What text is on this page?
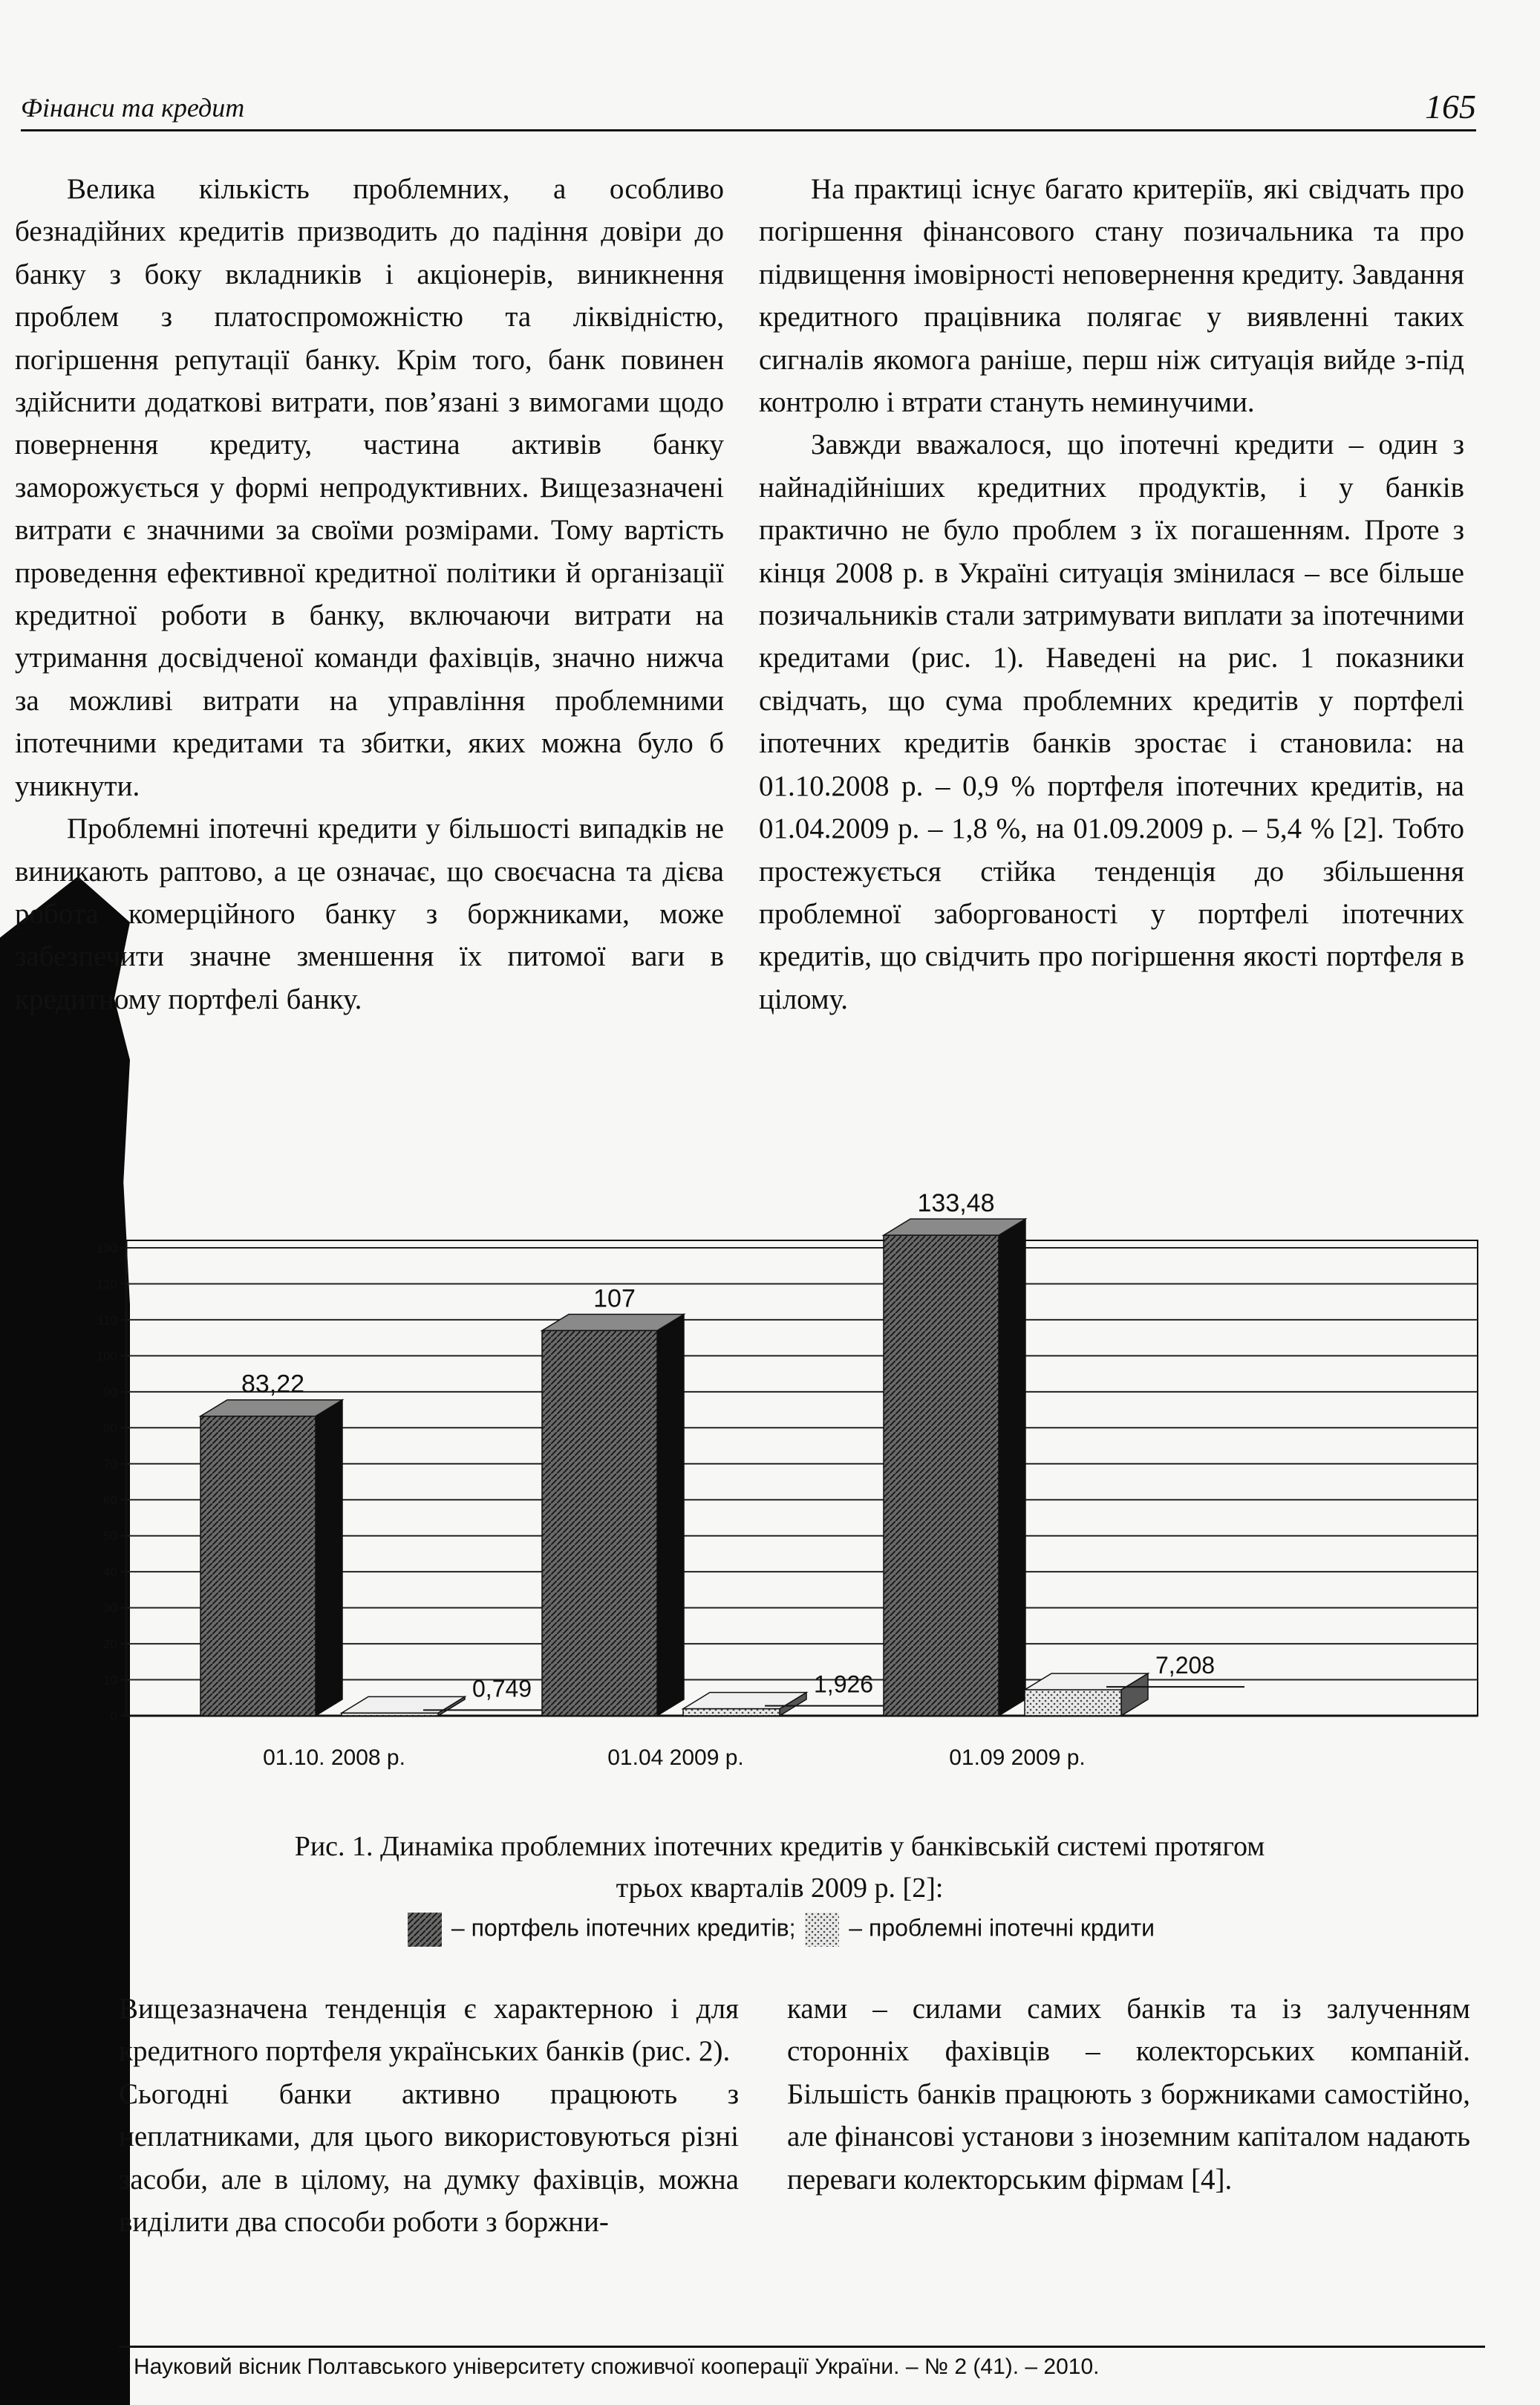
Фінанси та кредит	165

Велика кількість проблемних, а особливо безнадійних кредитів призводить до падіння довіри до банку з боку вкладників і акціонерів, виникнення проблем з платоспроможністю та ліквідністю, погіршення репутації банку. Крім того, банк повинен здійснити додаткові витрати, пов’язані з вимогами щодо повернення кредиту, частина активів банку заморожується у формі непродуктивних. Вищезазначені витрати є значними за своїми розмірами. Тому вартість проведення ефективної кредитної політики й організації кредитної роботи в банку, включаючи витрати на утримання досвідченої команди фахівців, значно нижча за можливі витрати на управління проблемними іпотечними кредитами та збитки, яких можна було б уникнути.

Проблемні іпотечні кредити у більшості випадків не виникають раптово, а це означає, що своєчасна та дієва робота комерційного банку з боржниками, може забезпечити значне зменшення їх питомої ваги в кредитному портфелі банку.

На практиці існує багато критеріїв, які свідчать про погіршення фінансового стану позичальника та про підвищення імовірності неповернення кредиту. Завдання кредитного працівника полягає у виявленні таких сигналів якомога раніше, перш ніж ситуація вийде з-під контролю і втрати стануть неминучими.

Завжди вважалося, що іпотечні кредити – один з найнадійніших кредитних продуктів, і у банків практично не було проблем з їх погашенням. Проте з кінця 2008 р. в Україні ситуація змінилася – все більше позичальників стали затримувати виплати за іпотечними кредитами (рис. 1). Наведені на рис. 1 показники свідчать, що сума проблемних кредитів у портфелі іпотечних кредитів банків зростає і становила: на 01.10.2008 р. – 0,9 % портфеля іпотечних кредитів, на 01.04.2009 р. – 1,8 %, на 01.09.2009 р. – 5,4 % [2]. Тобто простежується стійка тенденція до збільшення проблемної заборгованості у портфелі іпотечних кредитів, що свідчить про погіршення якості портфеля в цілому.

0
10
20
30
40
50
60
70
80
90
100
110
120
130
83,22
0,749
01.10. 2008 р.
107
1,926
01.04 2009 р.
133,48
7,208
01.09 2009 р.
Рис. 1. Динаміка проблемних іпотечних кредитів у банківській системі протягом
трьох кварталів 2009 р. [2]:
– портфель іпотечних кредитів; – проблемні іпотечні крдити

Вищезазначена тенденція є характерною і для кредитного портфеля українських банків (рис. 2).

Сьогодні банки активно працюють з неплатниками, для цього використовуються різні засоби, але в цілому, на думку фахівців, можна виділити два способи роботи з боржни-

ками – силами самих банків та із залученням сторонніх фахівців – колекторських компаній. Більшість банків працюють з боржниками самостійно, але фінансові установи з іноземним капіталом надають переваги колекторським фірмам [4].

Науковий вісник Полтавського університету споживчої кооперації України. – № 2 (41). – 2010.
